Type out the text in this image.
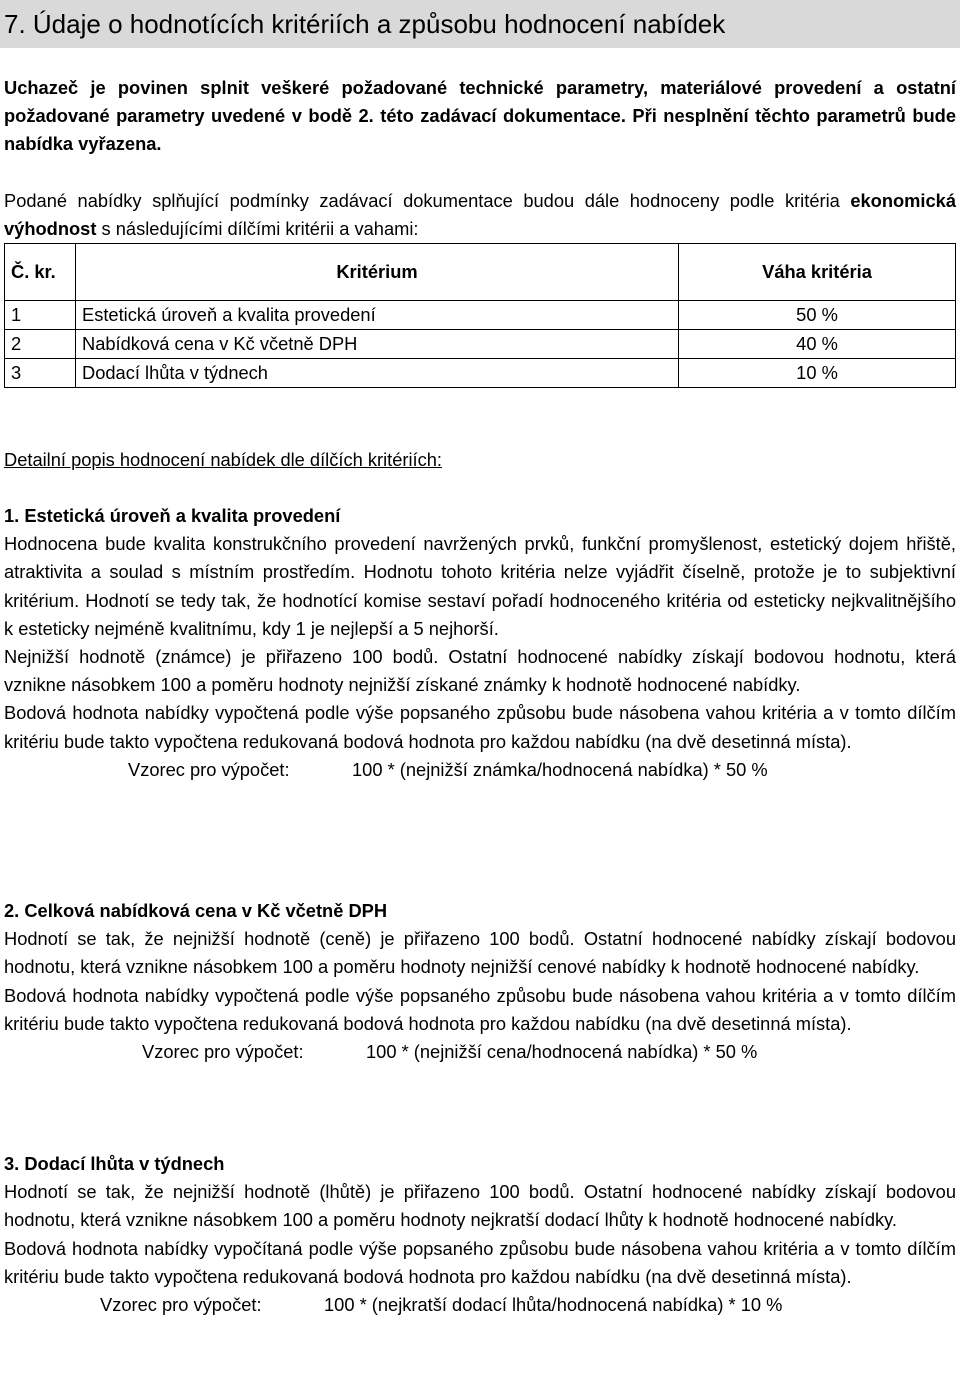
7. Údaje o hodnotících kritériích a způsobu hodnocení nabídek
Uchazeč je povinen splnit veškeré požadované technické parametry, materiálové provedení a ostatní požadované parametry uvedené v bodě 2. této zadávací dokumentace. Při nesplnění těchto parametrů bude nabídka vyřazena.
Podané nabídky splňující podmínky zadávací dokumentace budou dále hodnoceny podle kritéria ekonomická výhodnost s následujícími dílčími kritérii a vahami:
Č. kr.	Kritérium	Váha kritéria
1	Estetická úroveň a kvalita provedení	50 %
2	Nabídková cena v Kč včetně DPH	40 %
3	Dodací lhůta v týdnech	10 %
Detailní popis hodnocení nabídek dle dílčích kritériích:
1. Estetická úroveň a kvalita provedení
Hodnocena bude kvalita konstrukčního provedení navržených prvků, funkční promyšlenost, estetický dojem hřiště, atraktivita a soulad s místním prostředím. Hodnotu tohoto kritéria nelze vyjádřit číselně, protože je to subjektivní kritérium. Hodnotí se tedy tak, že hodnotící komise sestaví pořadí hodnoceného kritéria od esteticky nejkvalitnějšího k esteticky nejméně kvalitnímu, kdy 1 je nejlepší a 5 nejhorší.
Nejnižší hodnotě (známce) je přiřazeno 100 bodů. Ostatní hodnocené nabídky získají bodovou hodnotu, která vznikne násobkem 100 a poměru hodnoty nejnižší získané známky k hodnotě hodnocené nabídky.
Bodová hodnota nabídky vypočtená podle výše popsaného způsobu bude násobena vahou kritéria a v tomto dílčím kritériu bude takto vypočtena redukovaná bodová hodnota pro každou nabídku (na dvě desetinná místa).
Vzorec pro výpočet:	100 * (nejnižší známka/hodnocená nabídka) * 50 %
2. Celková nabídková cena v Kč včetně DPH
Hodnotí se tak, že nejnižší hodnotě (ceně) je přiřazeno 100 bodů. Ostatní hodnocené nabídky získají bodovou hodnotu, která vznikne násobkem 100 a poměru hodnoty nejnižší cenové nabídky k hodnotě hodnocené nabídky.
Bodová hodnota nabídky vypočtená podle výše popsaného způsobu bude násobena vahou kritéria a v tomto dílčím kritériu bude takto vypočtena redukovaná bodová hodnota pro každou nabídku (na dvě desetinná místa).
Vzorec pro výpočet:	100 * (nejnižší cena/hodnocená nabídka) * 50 %
3. Dodací lhůta v týdnech
Hodnotí se tak, že nejnižší hodnotě (lhůtě) je přiřazeno 100 bodů. Ostatní hodnocené nabídky získají bodovou hodnotu, která vznikne násobkem 100 a poměru hodnoty nejkratší dodací lhůty k hodnotě hodnocené nabídky.
Bodová hodnota nabídky vypočítaná podle výše popsaného způsobu bude násobena vahou kritéria a v tomto dílčím kritériu bude takto vypočtena redukovaná bodová hodnota pro každou nabídku (na dvě desetinná místa).
Vzorec pro výpočet:	100 * (nejkratší dodací lhůta/hodnocená nabídka) * 10 %
